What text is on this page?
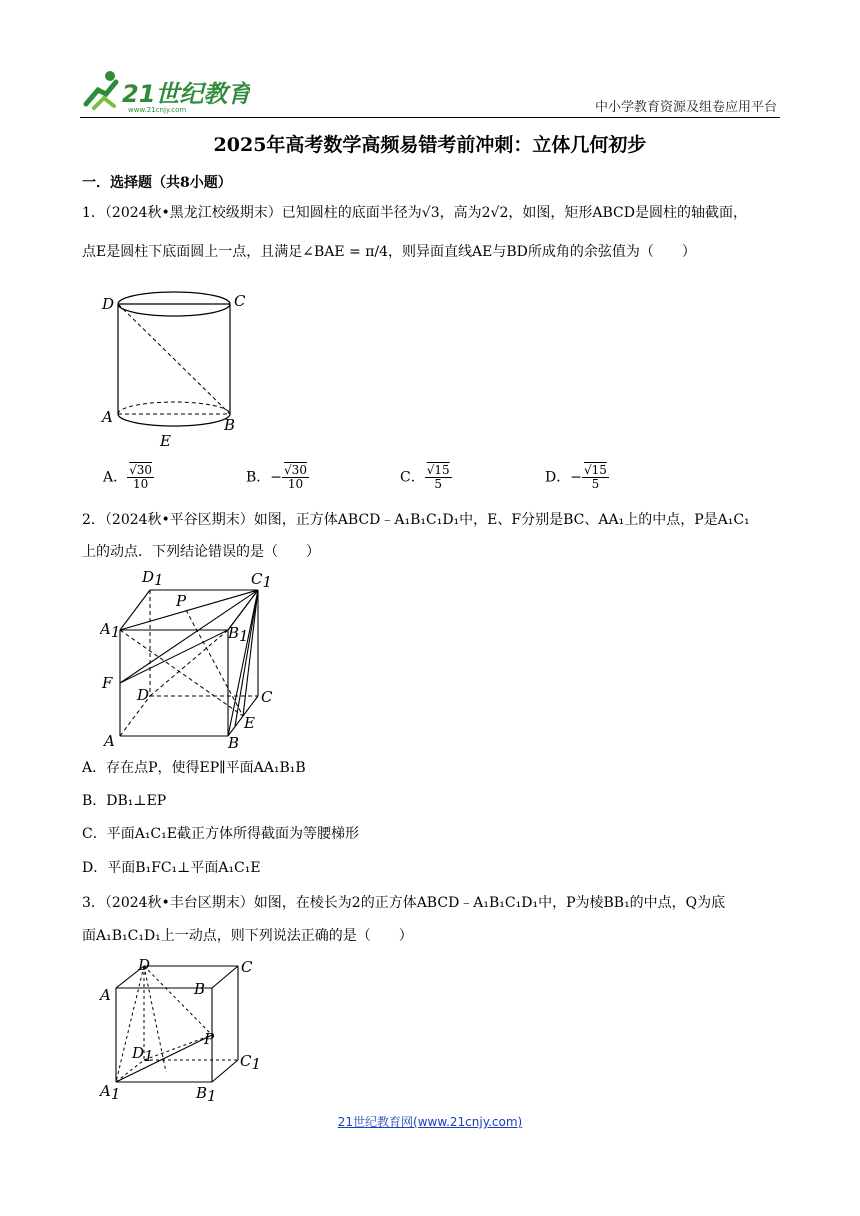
21世纪教育
www.21cnjy.com	中小学教育资源及组卷应用平台
2025年高考数学高频易错考前冲刺：立体几何初步
一．选择题（共8小题）
1．（2024秋•黑龙江校级期末）已知圆柱的底面半径为√3，高为2√2，如图，矩形ABCD是圆柱的轴截面，
点E是圆柱下底面圆上一点，且满足∠BAE = π/4，则异面直线AE与BD所成角的余弦值为（　　）
D	C
A	B
E
A． $\frac{√30}{10}$	B．− $\frac{√30}{10}$	C． $\frac{√15}{5}$	D．− $\frac{√15}{5}$
2．（2024秋•平谷区期末）如图，正方体ABCD﹣A₁B₁C₁D₁中，E、F分别是BC、AA₁上的中点，P是A₁C₁
上的动点．下列结论错误的是（　　）
D1	C1
P
A1	B1
F
D	C
E
A	B
A．存在点P，使得EP∥平面AA₁B₁B
B．DB₁⊥EP
C．平面A₁C₁E截正方体所得截面为等腰梯形
D．平面B₁FC₁⊥平面A₁C₁E
3．（2024秋•丰台区期末）如图，在棱长为2的正方体ABCD﹣A₁B₁C₁D₁中，P为棱BB₁的中点，Q为底
面A₁B₁C₁D₁上一动点，则下列说法正确的是（　　）
D	C
A	B
P
D1	C1
A1	B1
21世纪教育网(www.21cnjy.com)
